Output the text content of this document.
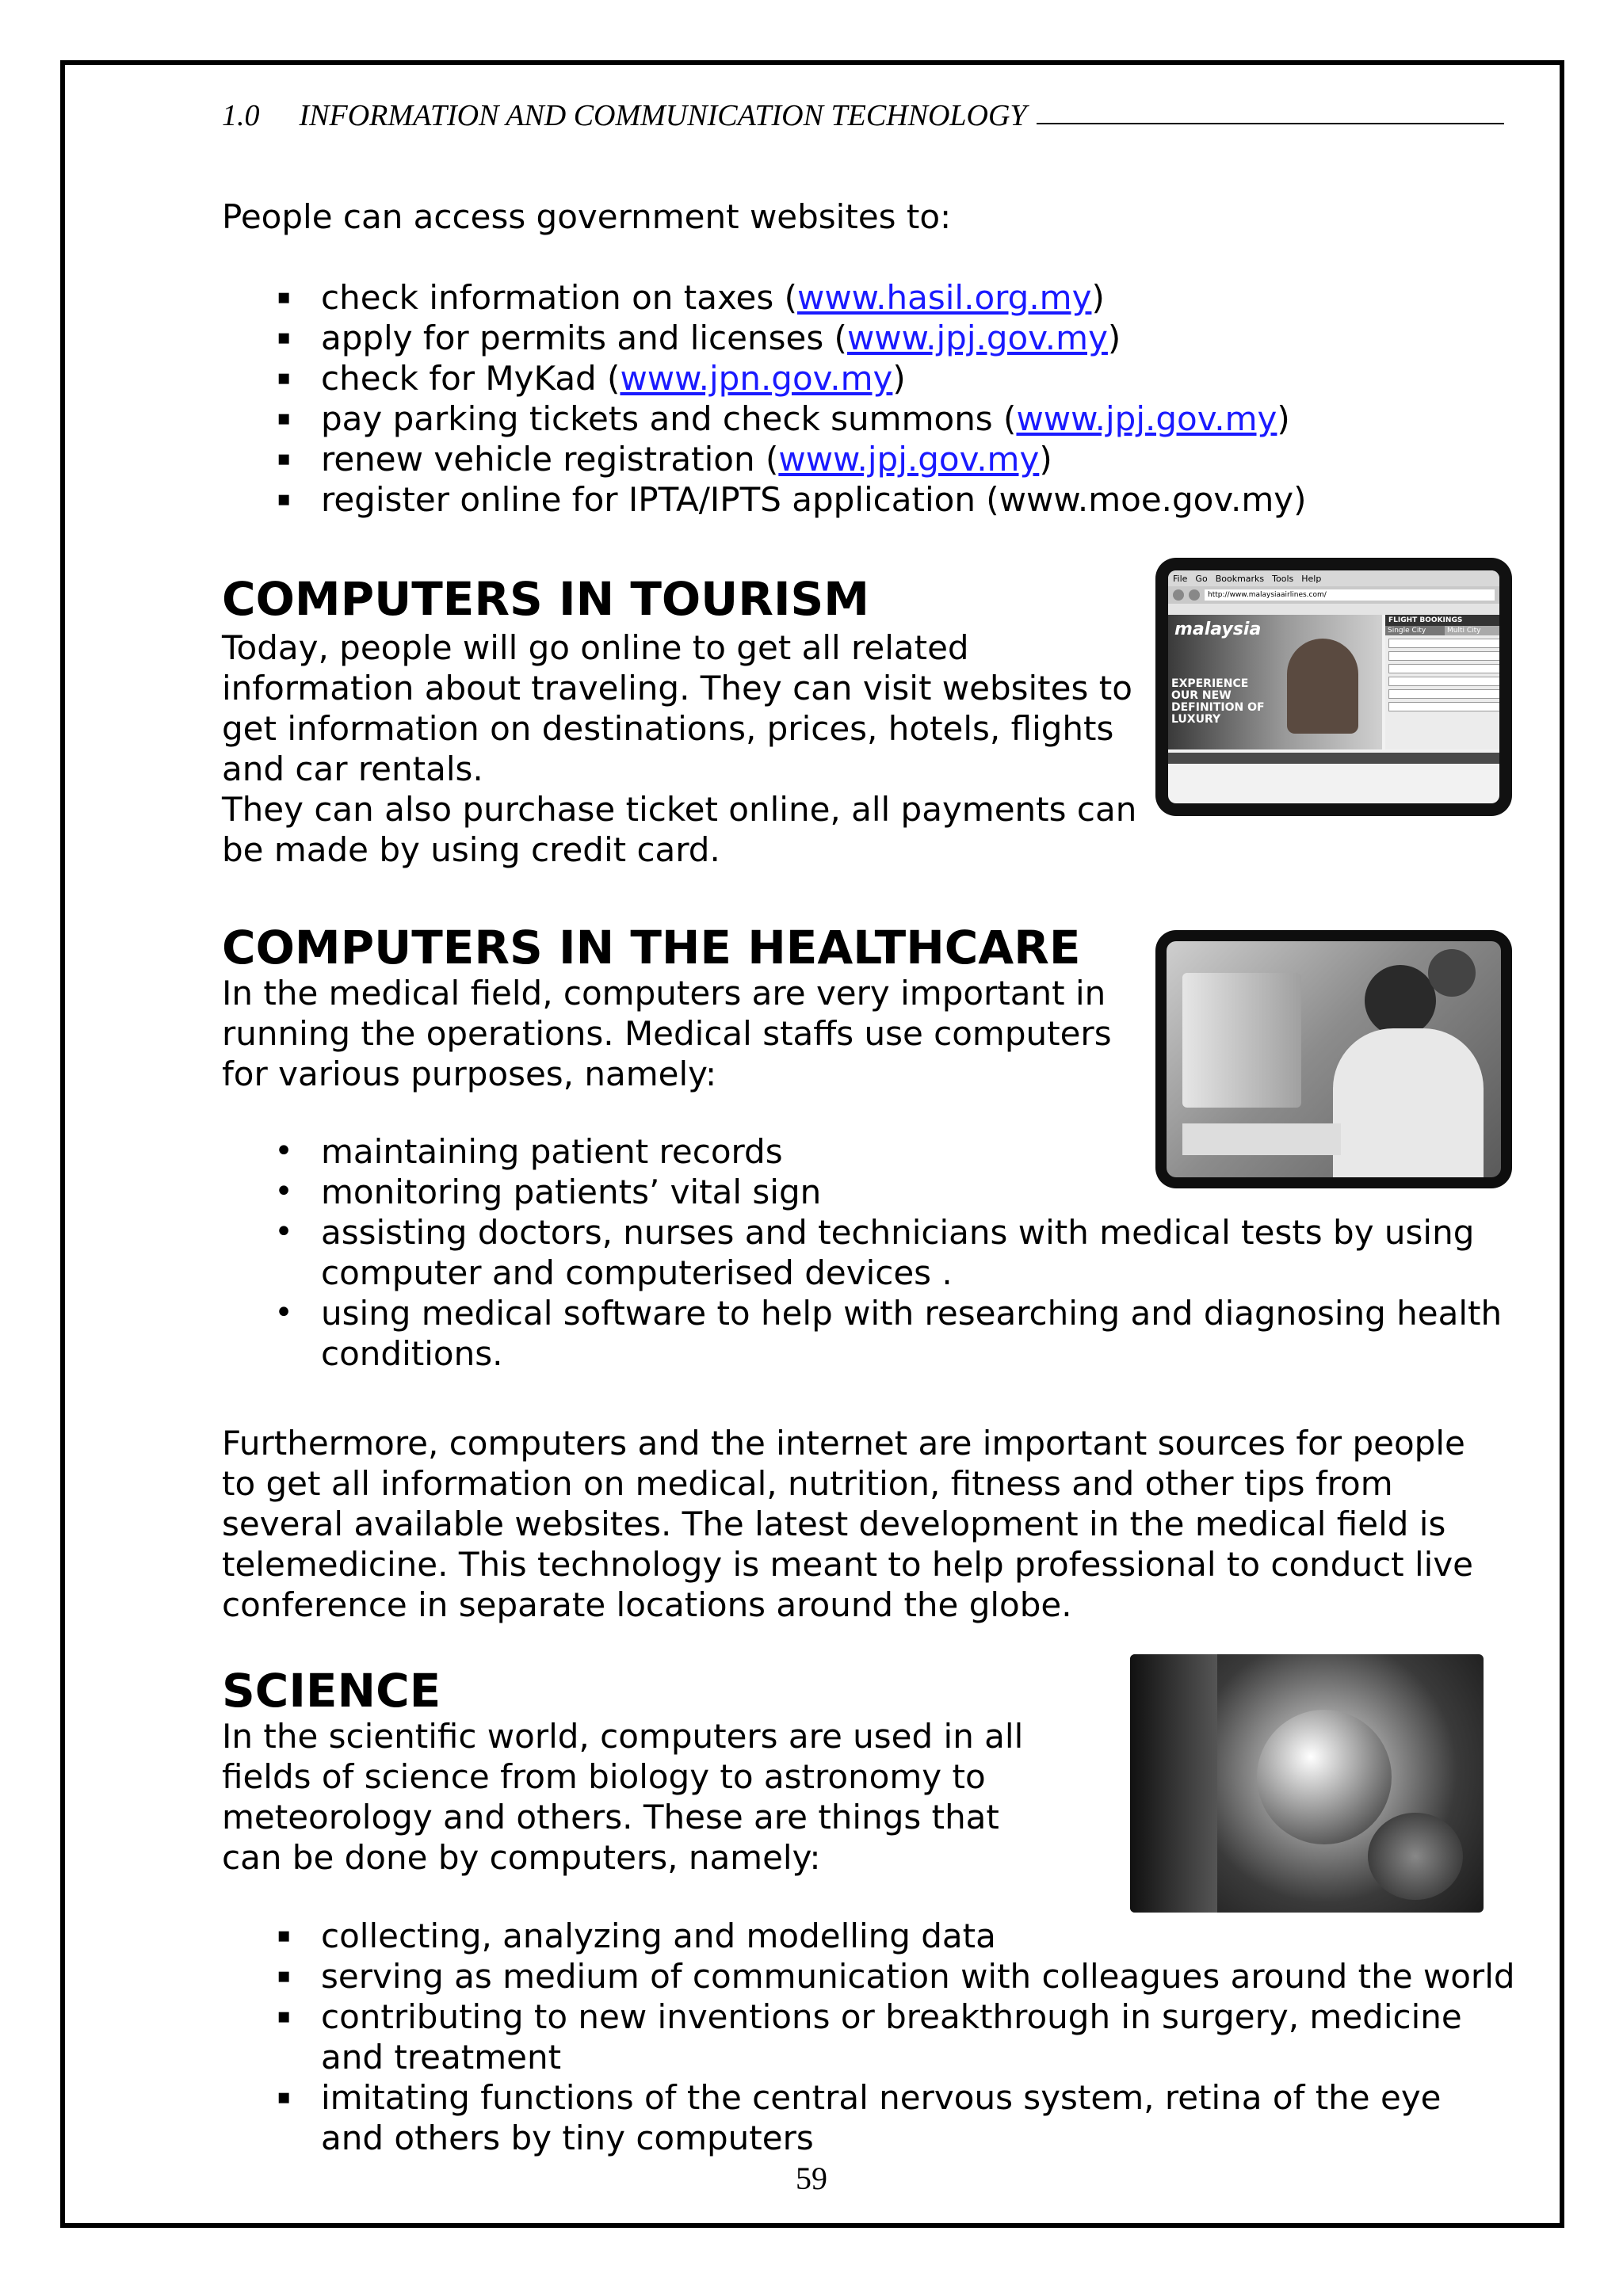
1.0 INFORMATION AND COMMUNICATION TECHNOLOGY
People can access government websites to:
▪ check information on taxes (www.hasil.org.my)
▪ apply for permits and licenses (www.jpj.gov.my)
▪ check for MyKad (www.jpn.gov.my)
▪ pay parking tickets and check summons (www.jpj.gov.my)
▪ renew vehicle registration (www.jpj.gov.my)
▪ register online for IPTA/IPTS application (www.moe.gov.my)
COMPUTERS IN TOURISM
Today, people will go online to get all related
information about traveling. They can visit websites to
get information on destinations, prices, hotels, flights
and car rentals.
They can also purchase ticket online, all payments can
be made by using credit card.
File Go Bookmarks Tools Help
http://www.malaysiaairlines.com/
malaysia
EXPERIENCE OUR NEW DEFINITION OF LUXURY
FLIGHT BOOKINGS
Single City	Multi City
COMPUTERS IN THE HEALTHCARE
In the medical field, computers are very important in
running the operations. Medical staffs use computers
for various purposes, namely:
• maintaining patient records
• monitoring patients’ vital sign
• assisting doctors, nurses and technicians with medical tests by using
computer and computerised devices .
• using medical software to help with researching and diagnosing health
conditions.
Furthermore, computers and the internet are important sources for people
to get all information on medical, nutrition, fitness and other tips from
several available websites. The latest development in the medical field is
telemedicine. This technology is meant to help professional to conduct live
conference in separate locations around the globe.
SCIENCE
In the scientific world, computers are used in all
fields of science from biology to astronomy to
meteorology and others. These are things that
can be done by computers, namely:
▪ collecting, analyzing and modelling data
▪ serving as medium of communication with colleagues around the world
▪ contributing to new inventions or breakthrough in surgery, medicine
and treatment
▪ imitating functions of the central nervous system, retina of the eye
and others by tiny computers
59
